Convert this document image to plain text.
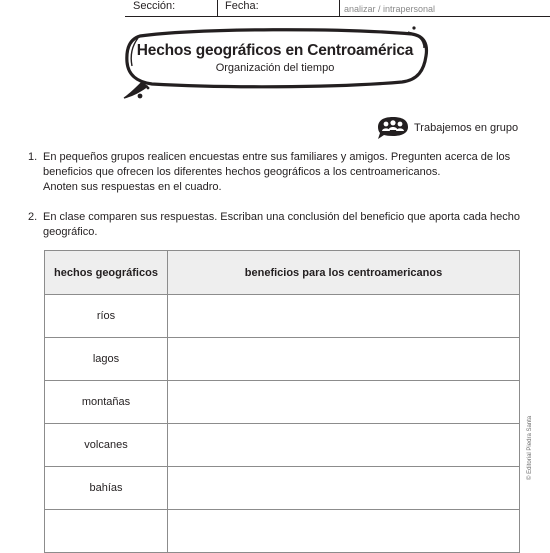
Sección:	Fecha:	analizar / intrapersonal
Hechos geográficos en Centroamérica
Organización del tiempo
Trabajemos en grupo
1. En pequeños grupos realicen encuestas entre sus familiares y amigos. Pregunten acerca de los
beneficios que ofrecen los diferentes hechos geográficos a los centroamericanos.
Anoten sus respuestas en el cuadro.
2. En clase comparen sus respuestas. Escriban una conclusión del beneficio que aporta cada hecho
geográfico.
hechos geográficos	beneficios para los centroamericanos
ríos	
lagos	
montañas	
volcanes	
bahías	

© Editorial Piedra Santa
